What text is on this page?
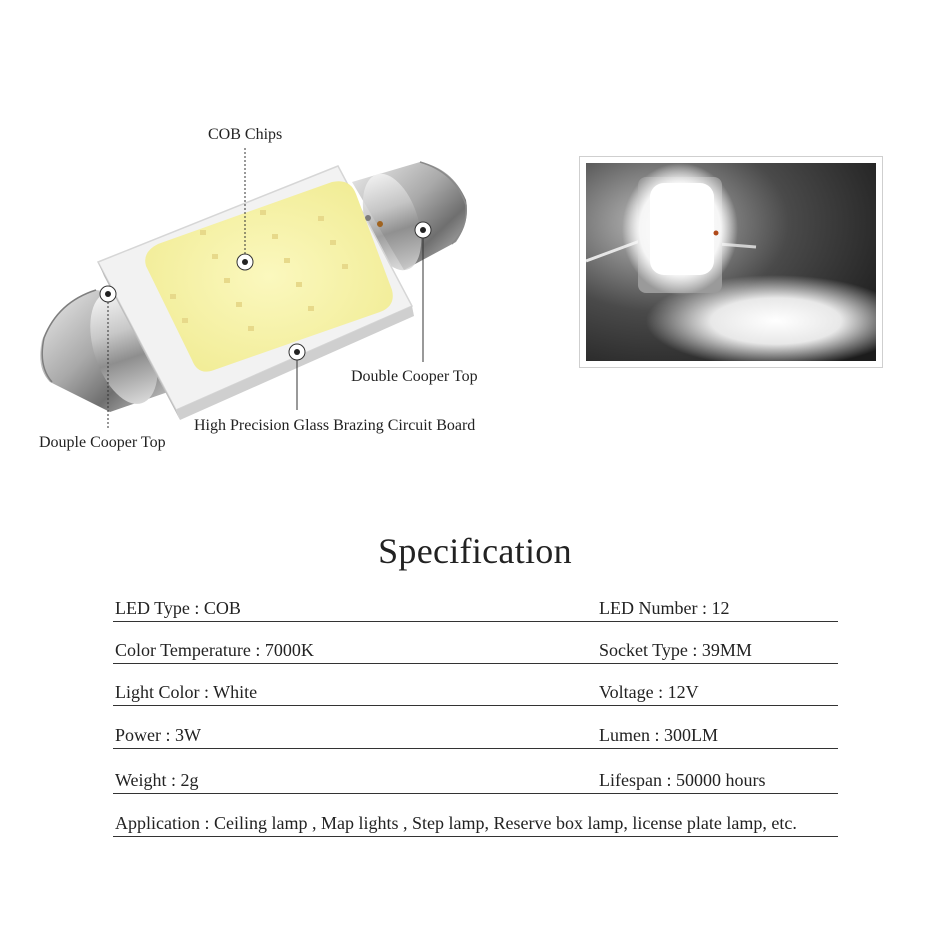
COB Chips
Double Cooper Top
High Precision Glass Brazing Circuit Board
Douple Cooper Top
Specification
LED Type : COB	LED Number : 12
Color Temperature : 7000K	Socket Type : 39MM
Light Color : White	Voltage : 12V
Power : 3W	Lumen : 300LM
Weight : 2g	Lifespan : 50000 hours
Application : Ceiling lamp , Map lights , Step lamp, Reserve box lamp, license plate lamp, etc.
